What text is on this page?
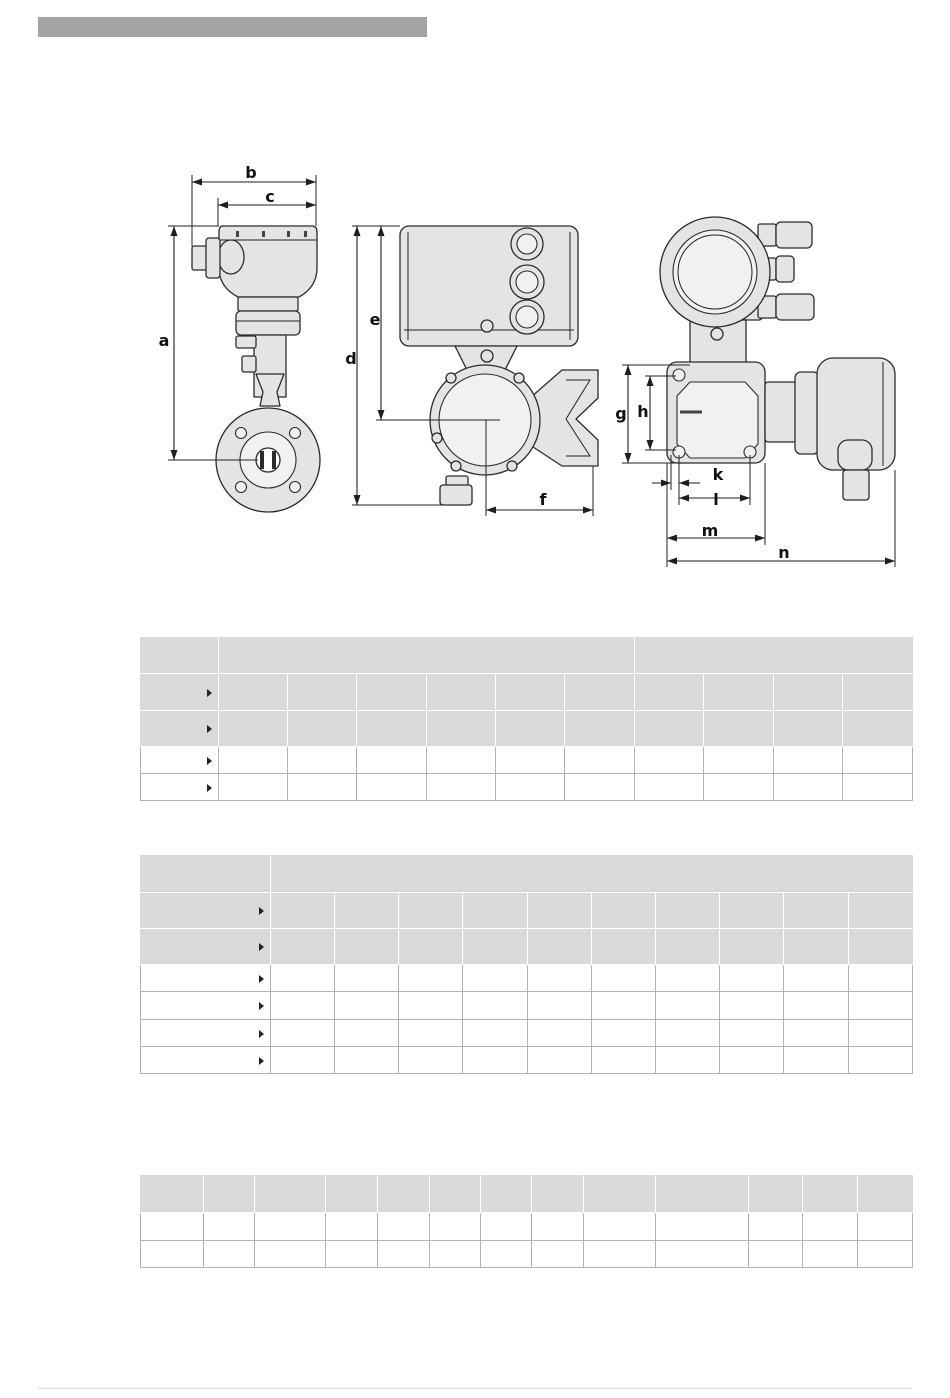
b
c
a
d
e
f
g h
k
l
m
n
